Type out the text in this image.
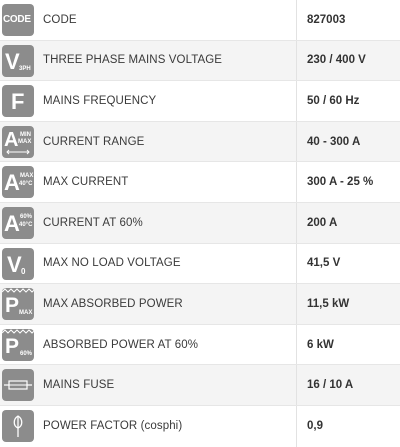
CODE CODE	827003
V 3PH
THREE PHASE MAINS VOLTAGE	230 / 400 V
F MAINS FREQUENCY	50 / 60 Hz
A MIN
MAX CURRENT RANGE	40 - 300 A
A MAX
40°C MAX CURRENT	300 A - 25 %
A 60%
40°C CURRENT AT 60%	200 A
V 0
MAX NO LOAD VOLTAGE	41,5 V
P MAX
MAX ABSORBED POWER	11,5 kW
P 60%
ABSORBED POWER AT 60%	6 kW
MAINS FUSE	16 / 10 A
POWER FACTOR (cosphi)	0,9
